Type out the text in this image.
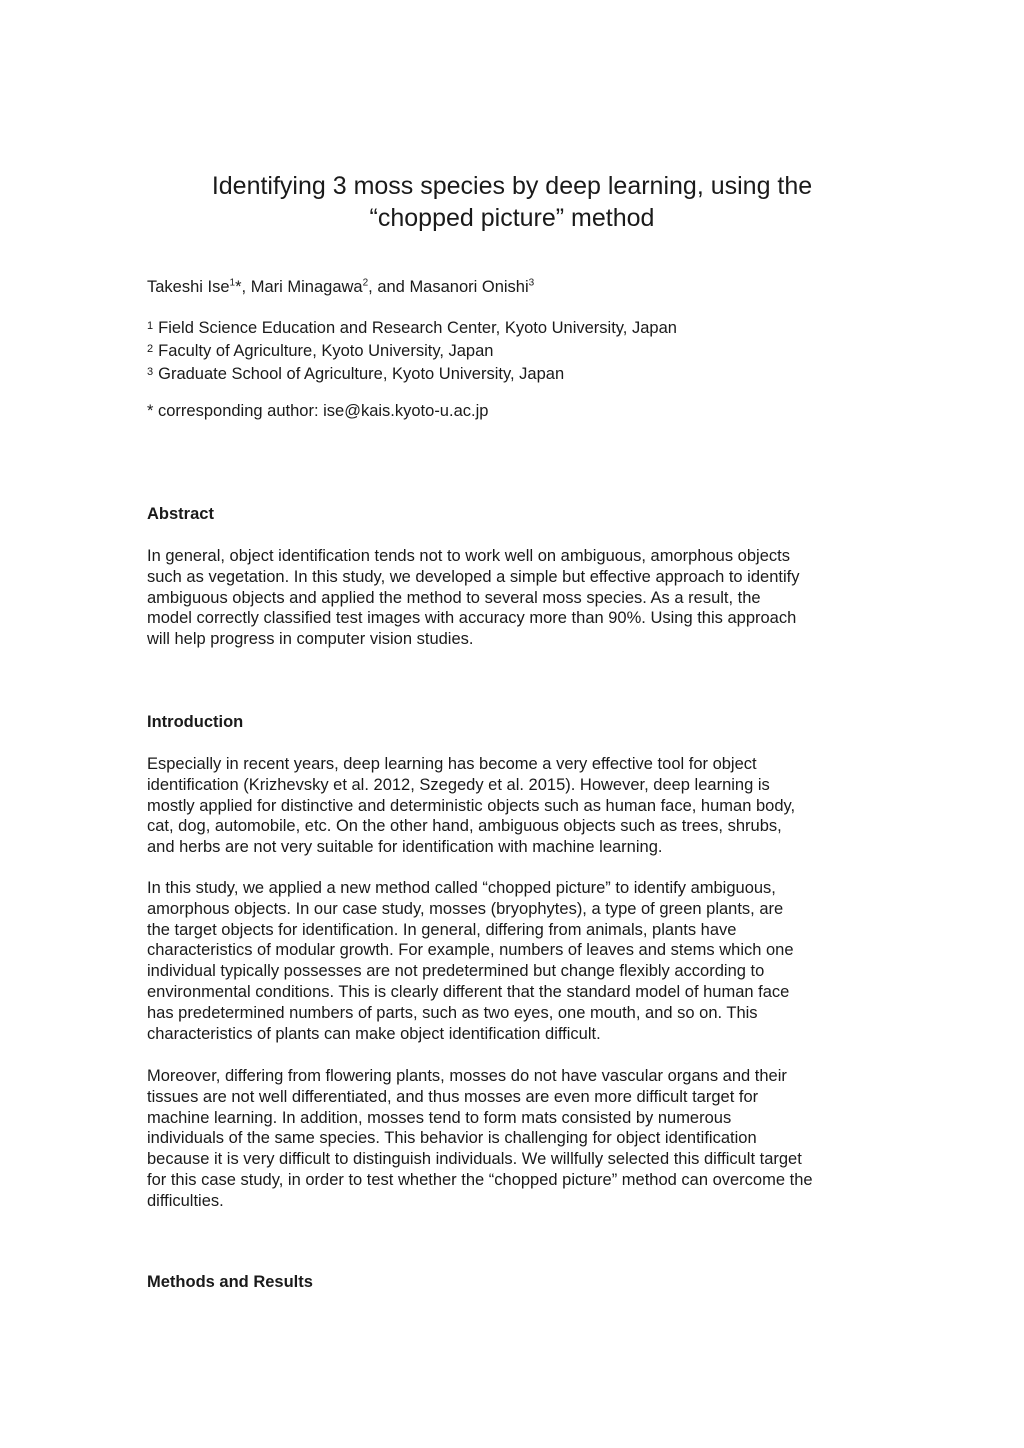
Identifying 3 moss species by deep learning, using the
“chopped picture” method
Takeshi Ise$^1$*, Mari Minagawa$^2$, and Masanori Onishi$^3$
$^1$ Field Science Education and Research Center, Kyoto University, Japan
$^2$ Faculty of Agriculture, Kyoto University, Japan
$^3$ Graduate School of Agriculture, Kyoto University, Japan
* corresponding author: ise@kais.kyoto-u.ac.jp
Abstract

In general, object identification tends not to work well on ambiguous, amorphous objects
such as vegetation. In this study, we developed a simple but effective approach to identify
ambiguous objects and applied the method to several moss species. As a result, the
model correctly classified test images with accuracy more than 90%. Using this approach
will help progress in computer vision studies.

Introduction

Especially in recent years, deep learning has become a very effective tool for object
identification (Krizhevsky et al. 2012, Szegedy et al. 2015). However, deep learning is
mostly applied for distinctive and deterministic objects such as human face, human body,
cat, dog, automobile, etc. On the other hand, ambiguous objects such as trees, shrubs,
and herbs are not very suitable for identification with machine learning.

In this study, we applied a new method called “chopped picture” to identify ambiguous,
amorphous objects. In our case study, mosses (bryophytes), a type of green plants, are
the target objects for identification. In general, differing from animals, plants have
characteristics of modular growth. For example, numbers of leaves and stems which one
individual typically possesses are not predetermined but change flexibly according to
environmental conditions. This is clearly different that the standard model of human face
has predetermined numbers of parts, such as two eyes, one mouth, and so on. This
characteristics of plants can make object identification difficult.

Moreover, differing from flowering plants, mosses do not have vascular organs and their
tissues are not well differentiated, and thus mosses are even more difficult target for
machine learning. In addition, mosses tend to form mats consisted by numerous
individuals of the same species. This behavior is challenging for object identification
because it is very difficult to distinguish individuals. We willfully selected this difficult target
for this case study, in order to test whether the “chopped picture” method can overcome the
difficulties.

Methods and Results
